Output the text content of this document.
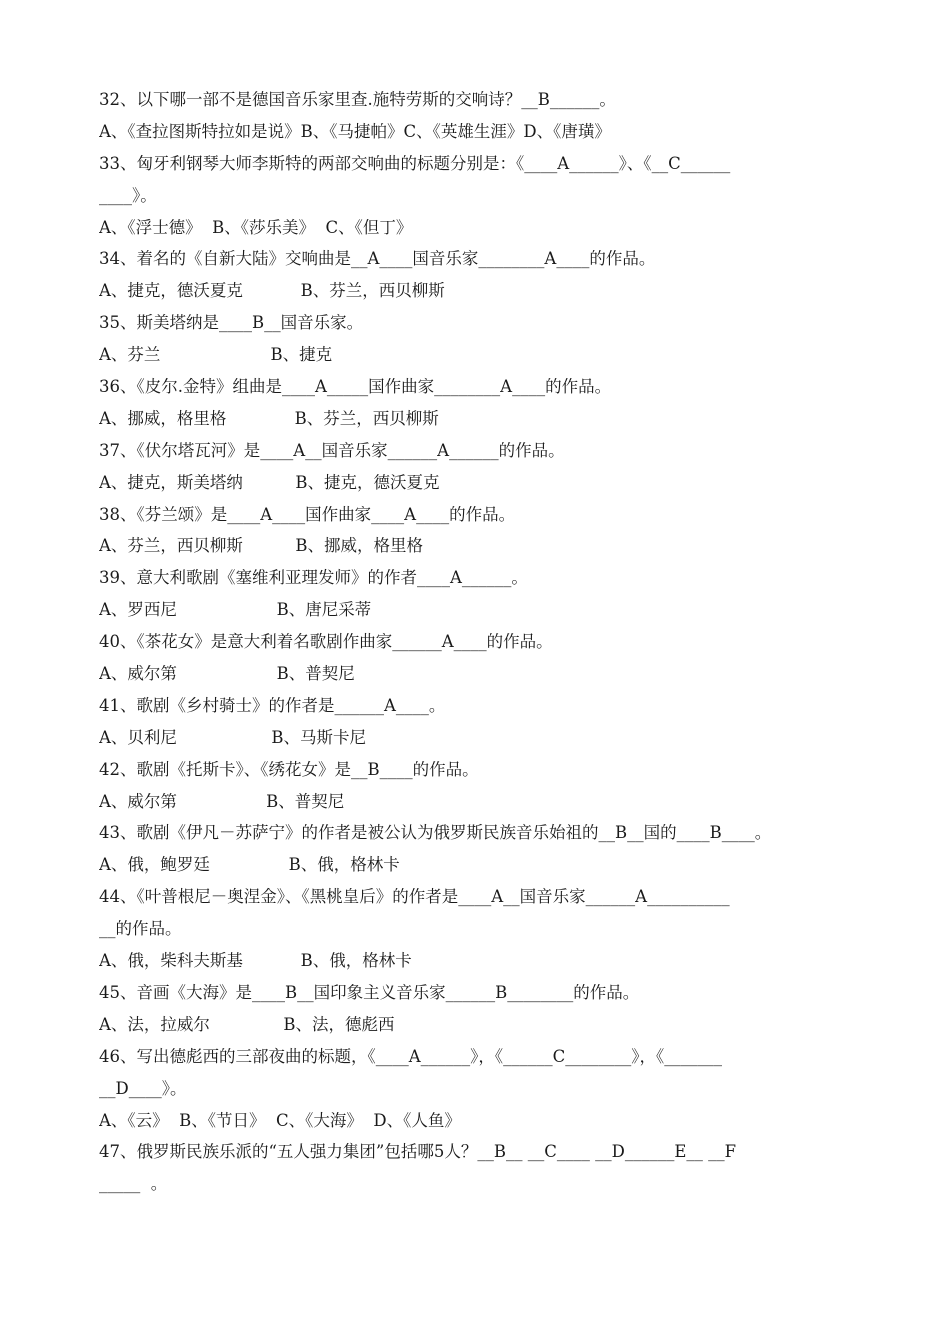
32、以下哪一部不是德国音乐家里查.施特劳斯的交响诗？__B______。
A、《查拉图斯特拉如是说》B、《马捷帕》C、《英雄生涯》D、《唐璜》
33、匈牙利钢琴大师李斯特的两部交响曲的标题分别是：《____A______》、《__C______
____》。
A、《浮士德》  B、《莎乐美》  C、《但丁》
34、着名的《自新大陆》交响曲是__A____国音乐家________A____的作品。
A、捷克，德沃夏克           B、芬兰，西贝柳斯
35、斯美塔纳是____B__国音乐家。
A、芬兰                     B、捷克
36、《皮尔.金特》组曲是____A_____国作曲家________A____的作品。
A、挪威，格里格             B、芬兰，西贝柳斯
37、《伏尔塔瓦河》是____A__国音乐家______A______的作品。
A、捷克，斯美塔纳          B、捷克，德沃夏克
38、《芬兰颂》是____A____国作曲家____A____的作品。
A、芬兰，西贝柳斯          B、挪威，格里格
39、意大利歌剧《塞维利亚理发师》的作者____A______。
A、罗西尼                   B、唐尼采蒂
40、《茶花女》是意大利着名歌剧作曲家______A____的作品。
A、威尔第                   B、普契尼
41、歌剧《乡村骑士》的作者是______A____。
A、贝利尼                  B、马斯卡尼
42、歌剧《托斯卡》、《绣花女》是__B____的作品。
A、威尔第                 B、普契尼
43、歌剧《伊凡－苏萨宁》的作者是被公认为俄罗斯民族音乐始祖的__B__国的____B____。
A、俄，鲍罗廷               B、俄，格林卡
44、《叶普根尼－奥涅金》、《黑桃皇后》的作者是____A__国音乐家______A__________
__的作品。
A、俄，柴科夫斯基           B、俄，格林卡
45、音画《大海》是____B__国印象主义音乐家______B________的作品。
A、法，拉威尔              B、法，德彪西
46、写出德彪西的三部夜曲的标题，《____A______》，《______C________》，《_______
__D____》。
A、《云》  B、《节日》  C、《大海》  D、《人鱼》
47、俄罗斯民族乐派的“五人强力集团”包括哪5人？__B__ __C____ __D______E__ __F
_____  。
